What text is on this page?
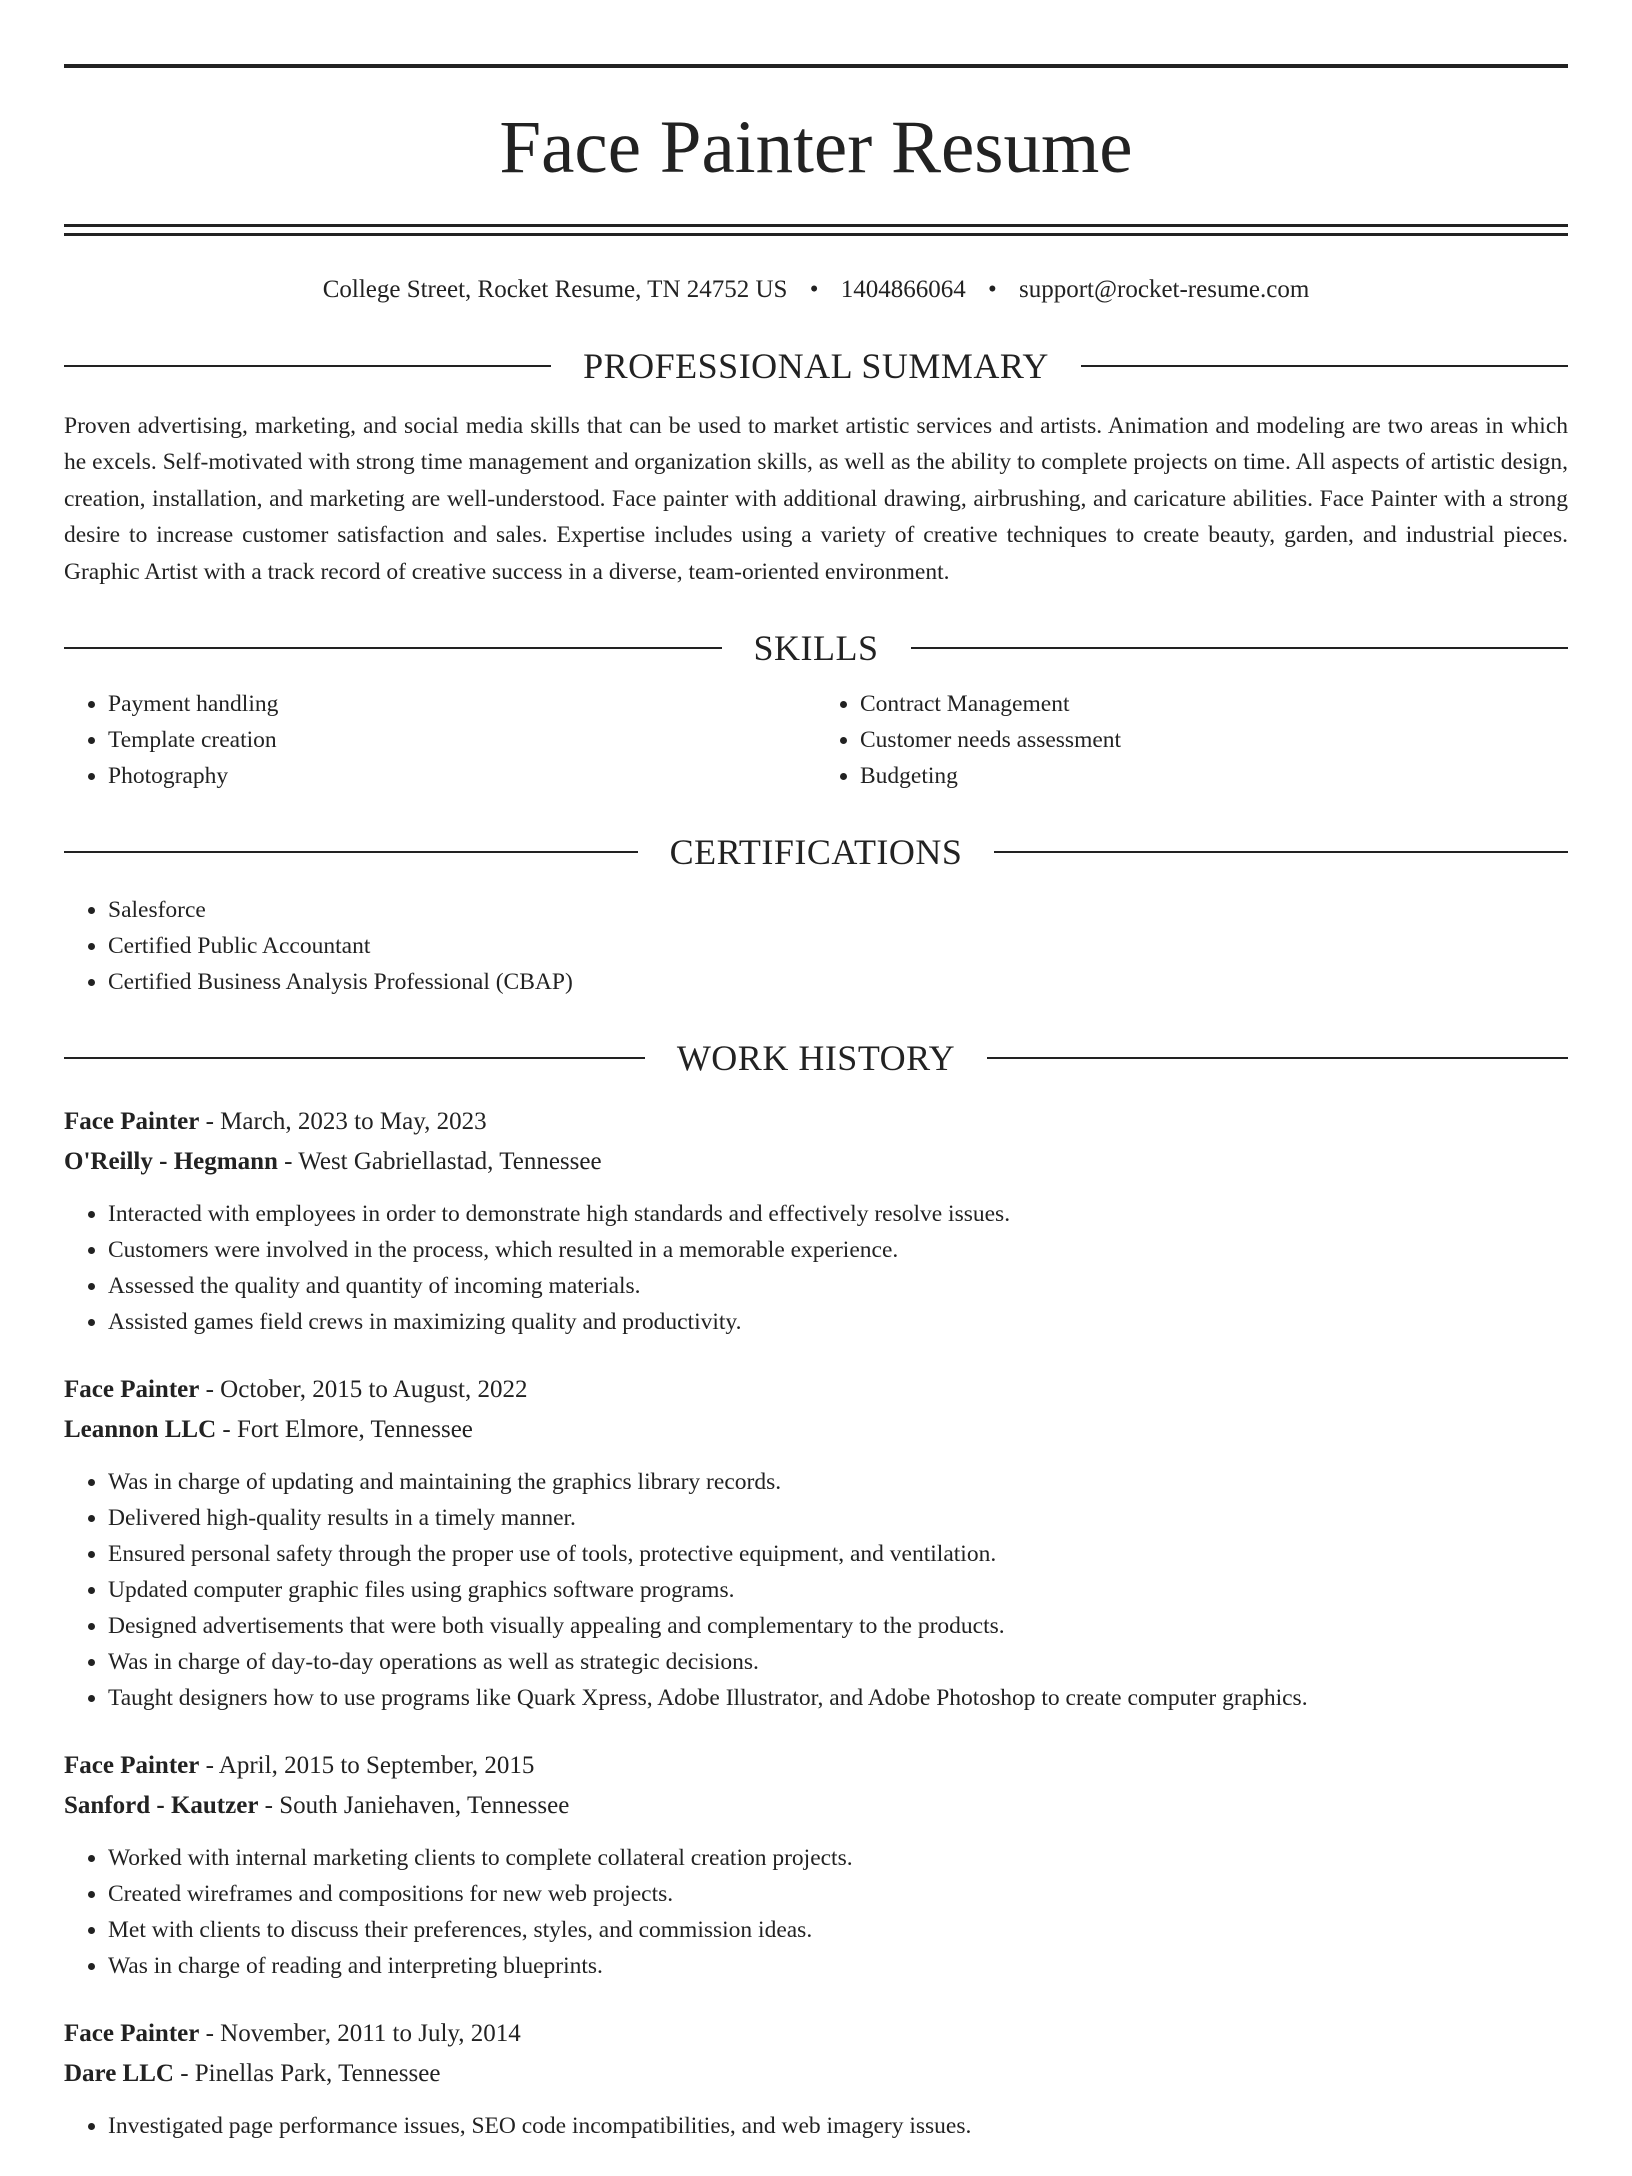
Face Painter Resume
College Street, Rocket Resume, TN 24752 US • 1404866064 • support@rocket-resume.com
PROFESSIONAL SUMMARY

Proven advertising, marketing, and social media skills that can be used to market artistic services and artists. Animation and modeling are two areas in which he excels. Self-motivated with strong time management and organization skills, as well as the ability to complete projects on time. All aspects of artistic design, creation, installation, and marketing are well-understood. Face painter with additional drawing, airbrushing, and caricature abilities. Face Painter with a strong desire to increase customer satisfaction and sales. Expertise includes using a variety of creative techniques to create beauty, garden, and industrial pieces. Graphic Artist with a track record of creative success in a diverse, team-oriented environment.

SKILLS
• Payment handling
• Template creation
• Photography
• Contract Management
• Customer needs assessment
• Budgeting
CERTIFICATIONS
• Salesforce
• Certified Public Accountant
• Certified Business Analysis Professional (CBAP)
WORK HISTORY
Face Painter - March, 2023 to May, 2023
O'Reilly - Hegmann - West Gabriellastad, Tennessee
• Interacted with employees in order to demonstrate high standards and effectively resolve issues.
• Customers were involved in the process, which resulted in a memorable experience.
• Assessed the quality and quantity of incoming materials.
• Assisted games field crews in maximizing quality and productivity.
Face Painter - October, 2015 to August, 2022
Leannon LLC - Fort Elmore, Tennessee
• Was in charge of updating and maintaining the graphics library records.
• Delivered high-quality results in a timely manner.
• Ensured personal safety through the proper use of tools, protective equipment, and ventilation.
• Updated computer graphic files using graphics software programs.
• Designed advertisements that were both visually appealing and complementary to the products.
• Was in charge of day-to-day operations as well as strategic decisions.
• Taught designers how to use programs like Quark Xpress, Adobe Illustrator, and Adobe Photoshop to create computer graphics.
Face Painter - April, 2015 to September, 2015
Sanford - Kautzer - South Janiehaven, Tennessee
• Worked with internal marketing clients to complete collateral creation projects.
• Created wireframes and compositions for new web projects.
• Met with clients to discuss their preferences, styles, and commission ideas.
• Was in charge of reading and interpreting blueprints.
Face Painter - November, 2011 to July, 2014
Dare LLC - Pinellas Park, Tennessee
• Investigated page performance issues, SEO code incompatibilities, and web imagery issues.
